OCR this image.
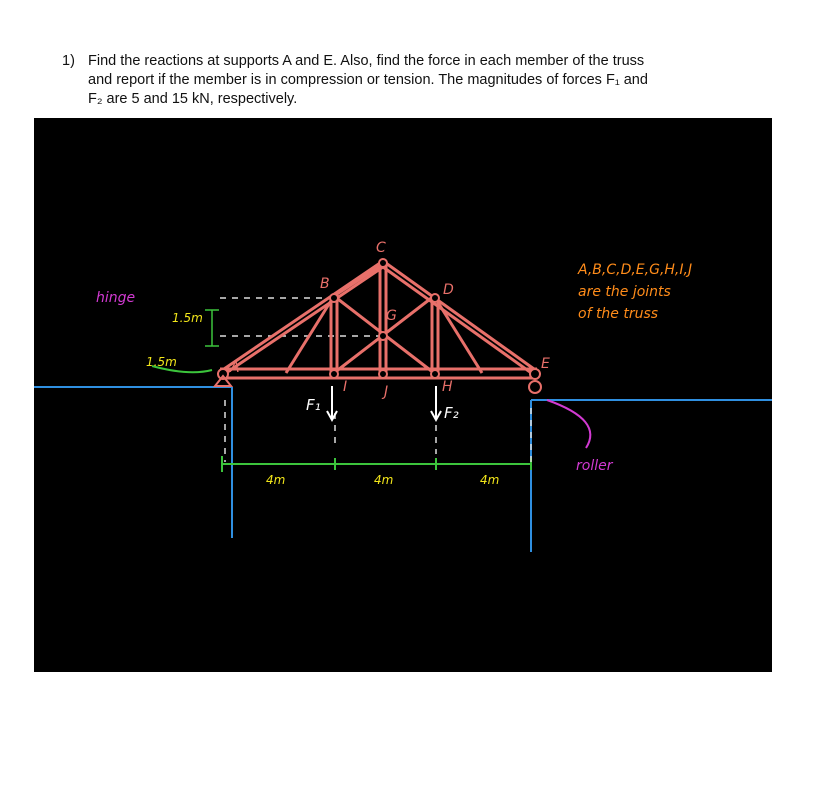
1) Find the reactions at supports A and E. Also, find the force in each member of the truss
and report if the member is in compression or tension. The magnitudes of forces F₁ and
F₂ are 5 and 15 kN, respectively.
A
B
C
D
E
G
H
I	J
hinge
roller
1.5m
1.5m
4m	4m	4m
F₁	F₂
A,B,C,D,E,G,H,I,J
are the joints
of the truss
